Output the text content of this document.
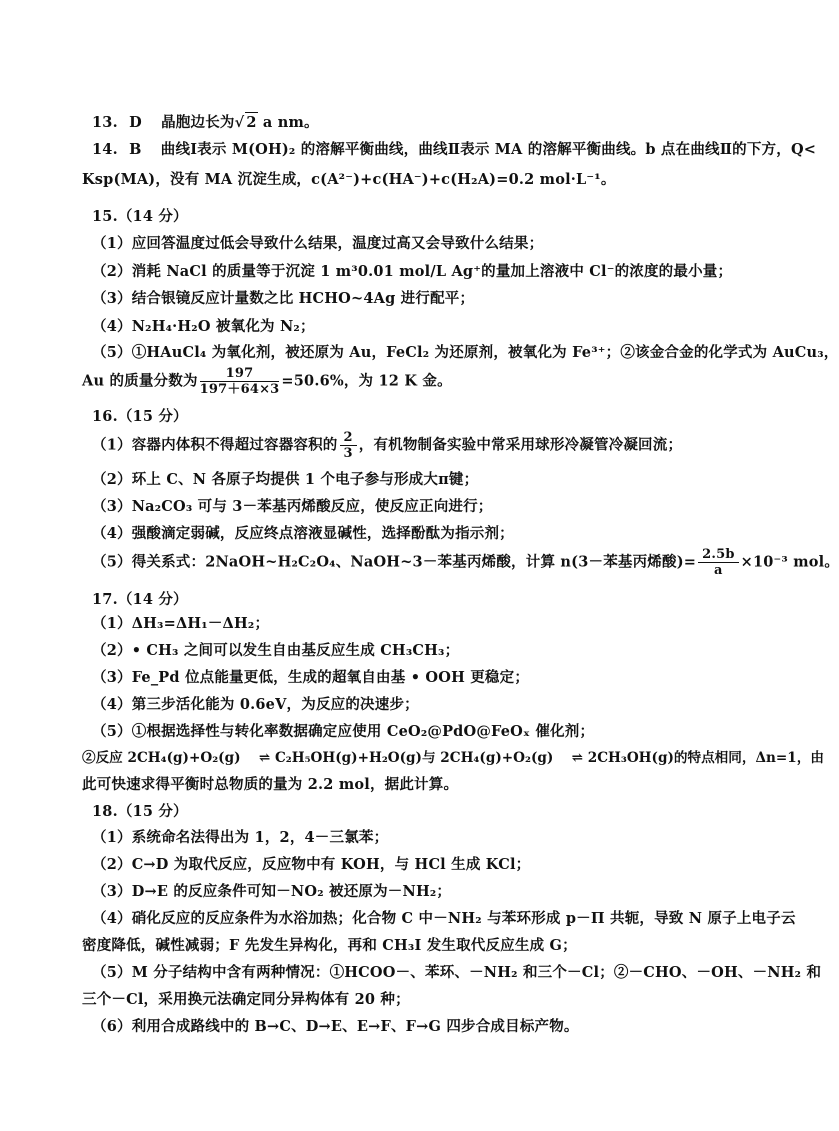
13. D 晶胞边长为√ 2 a nm。
14. B 曲线Ⅰ表示 M(OH)₂ 的溶解平衡曲线，曲线Ⅱ表示 MA 的溶解平衡曲线。b 点在曲线Ⅱ的下方，Q<
Ksp(MA)，没有 MA 沉淀生成，c(A²⁻)+c(HA⁻)+c(H₂A)=0.2 mol·L⁻¹。
15.（14 分）
（1）应回答温度过低会导致什么结果，温度过高又会导致什么结果；
（2）消耗 NaCl 的质量等于沉淀 1 m³0.01 mol/L Ag⁺的量加上溶液中 Cl⁻的浓度的最小量；
（3）结合银镜反应计量数之比 HCHO~4Ag 进行配平；
（4）N₂H₄·H₂O 被氧化为 N₂；
（5）①HAuCl₄ 为氧化剂，被还原为 Au，FeCl₂ 为还原剂，被氧化为 Fe³⁺；②该金合金的化学式为 AuCu₃，
Au 的质量分数为 $\frac{197}{197+64\times 3} =50.6\%$，为 12 K 金。
16.（15 分）
（1）容器内体积不得超过容器容积的 $\frac{2}{3}$ ，有机物制备实验中常采用球形冷凝管冷凝回流；
（2）环上 C、N 各原子均提供 1 个电子参与形成大π键；
（3）Na₂CO₃ 可与 3－苯基丙烯酸反应，使反应正向进行；
（4）强酸滴定弱碱，反应终点溶液显碱性，选择酚酞为指示剂；
（5）得关系式：2NaOH~H₂C₂O₄、NaOH~3－苯基丙烯酸，计算 n(3－苯基丙烯酸)= $\frac{2.5b}{a} \times 10^{-3}$ mol。
17.（14 分）
（1）ΔH₃=ΔH₁－ΔH₂；
（2）• CH₃ 之间可以发生自由基反应生成 CH₃CH₃；
（3）Fe_Pd 位点能量更低，生成的超氧自由基 • OOH 更稳定；
（4）第三步活化能为 0.6eV，为反应的决速步；
（5）①根据选择性与转化率数据确定应使用 CeO₂@PdO@FeOₓ 催化剂；
②反应 2CH₄(g)+O₂(g)　 ⇌ C₂H₅OH(g)+H₂O(g)与 2CH₄(g)+O₂(g)　 ⇌ 2CH₃OH(g)的特点相同，Δn=1，由
此可快速求得平衡时总物质的量为 2.2 mol，据此计算。
18.（15 分）
（1）系统命名法得出为 1，2，4－三氯苯；
（2）C→D 为取代反应，反应物中有 KOH，与 HCl 生成 KCl；
（3）D→E 的反应条件可知－NO₂ 被还原为－NH₂；
（4）硝化反应的反应条件为水浴加热；化合物 C 中－NH₂ 与苯环形成 p－Π 共轭，导致 N 原子上电子云
密度降低，碱性减弱；F 先发生异构化，再和 CH₃I 发生取代反应生成 G；
（5）M 分子结构中含有两种情况：①HCOO－、苯环、－NH₂ 和三个－Cl；②－CHO、－OH、－NH₂ 和
三个－Cl，采用换元法确定同分异构体有 20 种；
（6）利用合成路线中的 B→C、D→E、E→F、F→G 四步合成目标产物。
